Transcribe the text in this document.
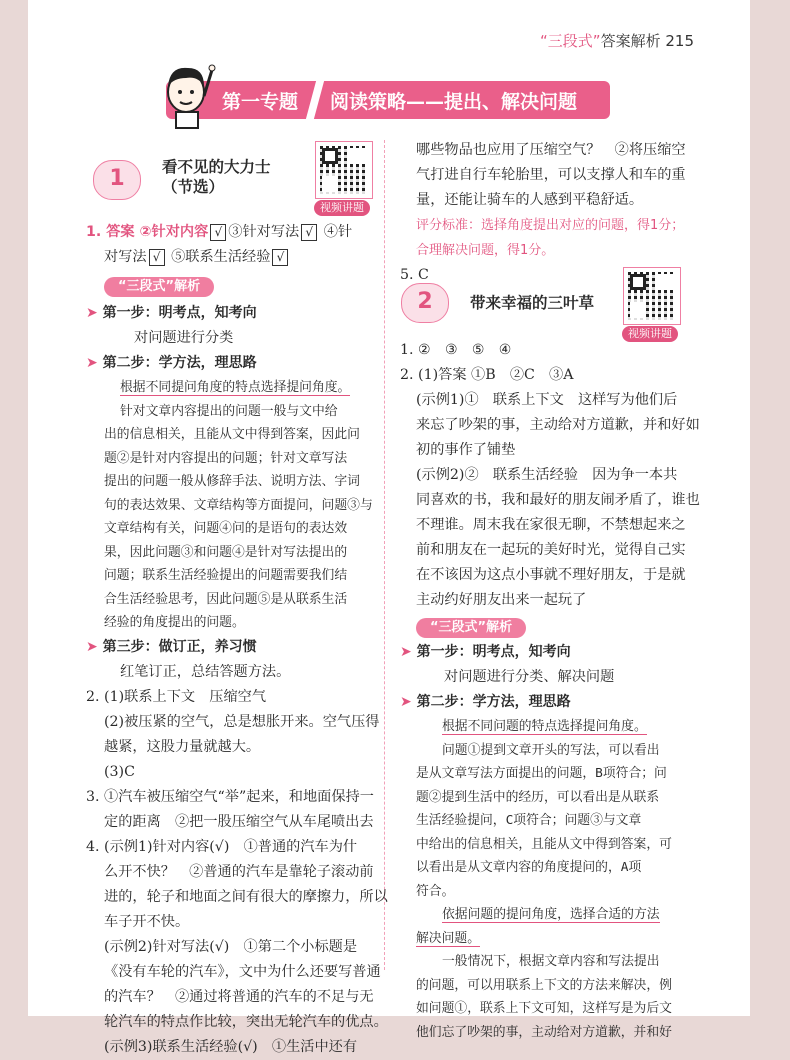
“三段式”答案解析 215
第一专题 阅读策略——提出、解决问题
1	看不见的大力士
（节选）
视频讲题
1. 答案 ②针对内容 √ ③针对写法 √ ④针
对写法 √ ⑤联系生活经验 √
“三段式”解析
➤ 第一步：明考点，知考向
对问题进行分类
➤ 第二步：学方法，理思路
根据不同提问角度的特点选择提问角度。
针对文章内容提出的问题一般与文中给
出的信息相关，且能从文中得到答案，因此问
题②是针对内容提出的问题；针对文章写法
提出的问题一般从修辞手法、说明方法、字词
句的表达效果、文章结构等方面提问，问题③与
文章结构有关，问题④问的是语句的表达效
果，因此问题③和问题④是针对写法提出的
问题；联系生活经验提出的问题需要我们结
合生活经验思考，因此问题⑤是从联系生活
经验的角度提出的问题。
➤ 第三步：做订正，养习惯
红笔订正，总结答题方法。
2. (1)联系上下文　压缩空气
(2)被压紧的空气，总是想胀开来。空气压得
越紧，这股力量就越大。
(3)C
3. ①汽车被压缩空气“举”起来，和地面保持一
定的距离　②把一股压缩空气从车尾喷出去
4. (示例1)针对内容(√)　①普通的汽车为什
么开不快？　②普通的汽车是靠轮子滚动前
进的，轮子和地面之间有很大的摩擦力，所以
车子开不快。
(示例2)针对写法(√)　①第二个小标题是
《没有车轮的汽车》，文中为什么还要写普通
的汽车？　②通过将普通的汽车的不足与无
轮汽车的特点作比较，突出无轮汽车的优点。
(示例3)联系生活经验(√)　①生活中还有
哪些物品也应用了压缩空气？　②将压缩空
气打进自行车轮胎里，可以支撑人和车的重
量，还能让骑车的人感到平稳舒适。
评分标准：选择角度提出对应的问题，得1分；
合理解决问题，得1分。
5. C
2	带来幸福的三叶草
视频讲题
1. ②　③　⑤　④
2. (1)答案 ①B　②C　③A
(示例1)①　联系上下文　这样写为他们后
来忘了吵架的事，主动给对方道歉，并和好如
初的事作了铺垫
(示例2)②　联系生活经验　因为争一本共
同喜欢的书，我和最好的朋友闹矛盾了，谁也
不理谁。周末我在家很无聊，不禁想起来之
前和朋友在一起玩的美好时光，觉得自己实
在不该因为这点小事就不理好朋友，于是就
主动约好朋友出来一起玩了
“三段式”解析
➤ 第一步：明考点，知考向
对问题进行分类、解决问题
➤ 第二步：学方法，理思路
根据不同问题的特点选择提问角度。
问题①提到文章开头的写法，可以看出
是从文章写法方面提出的问题，B项符合；问
题②提到生活中的经历，可以看出是从联系
生活经验提问，C项符合；问题③与文章
中给出的信息相关，且能从文中得到答案，可
以看出是从文章内容的角度提问的，A项
符合。
依据问题的提问角度，选择合适的方法
解决问题。
一般情况下，根据文章内容和写法提出
的问题，可以用联系上下文的方法来解决，例
如问题①，联系上下文可知，这样写是为后文
他们忘了吵架的事，主动给对方道歉，并和好
